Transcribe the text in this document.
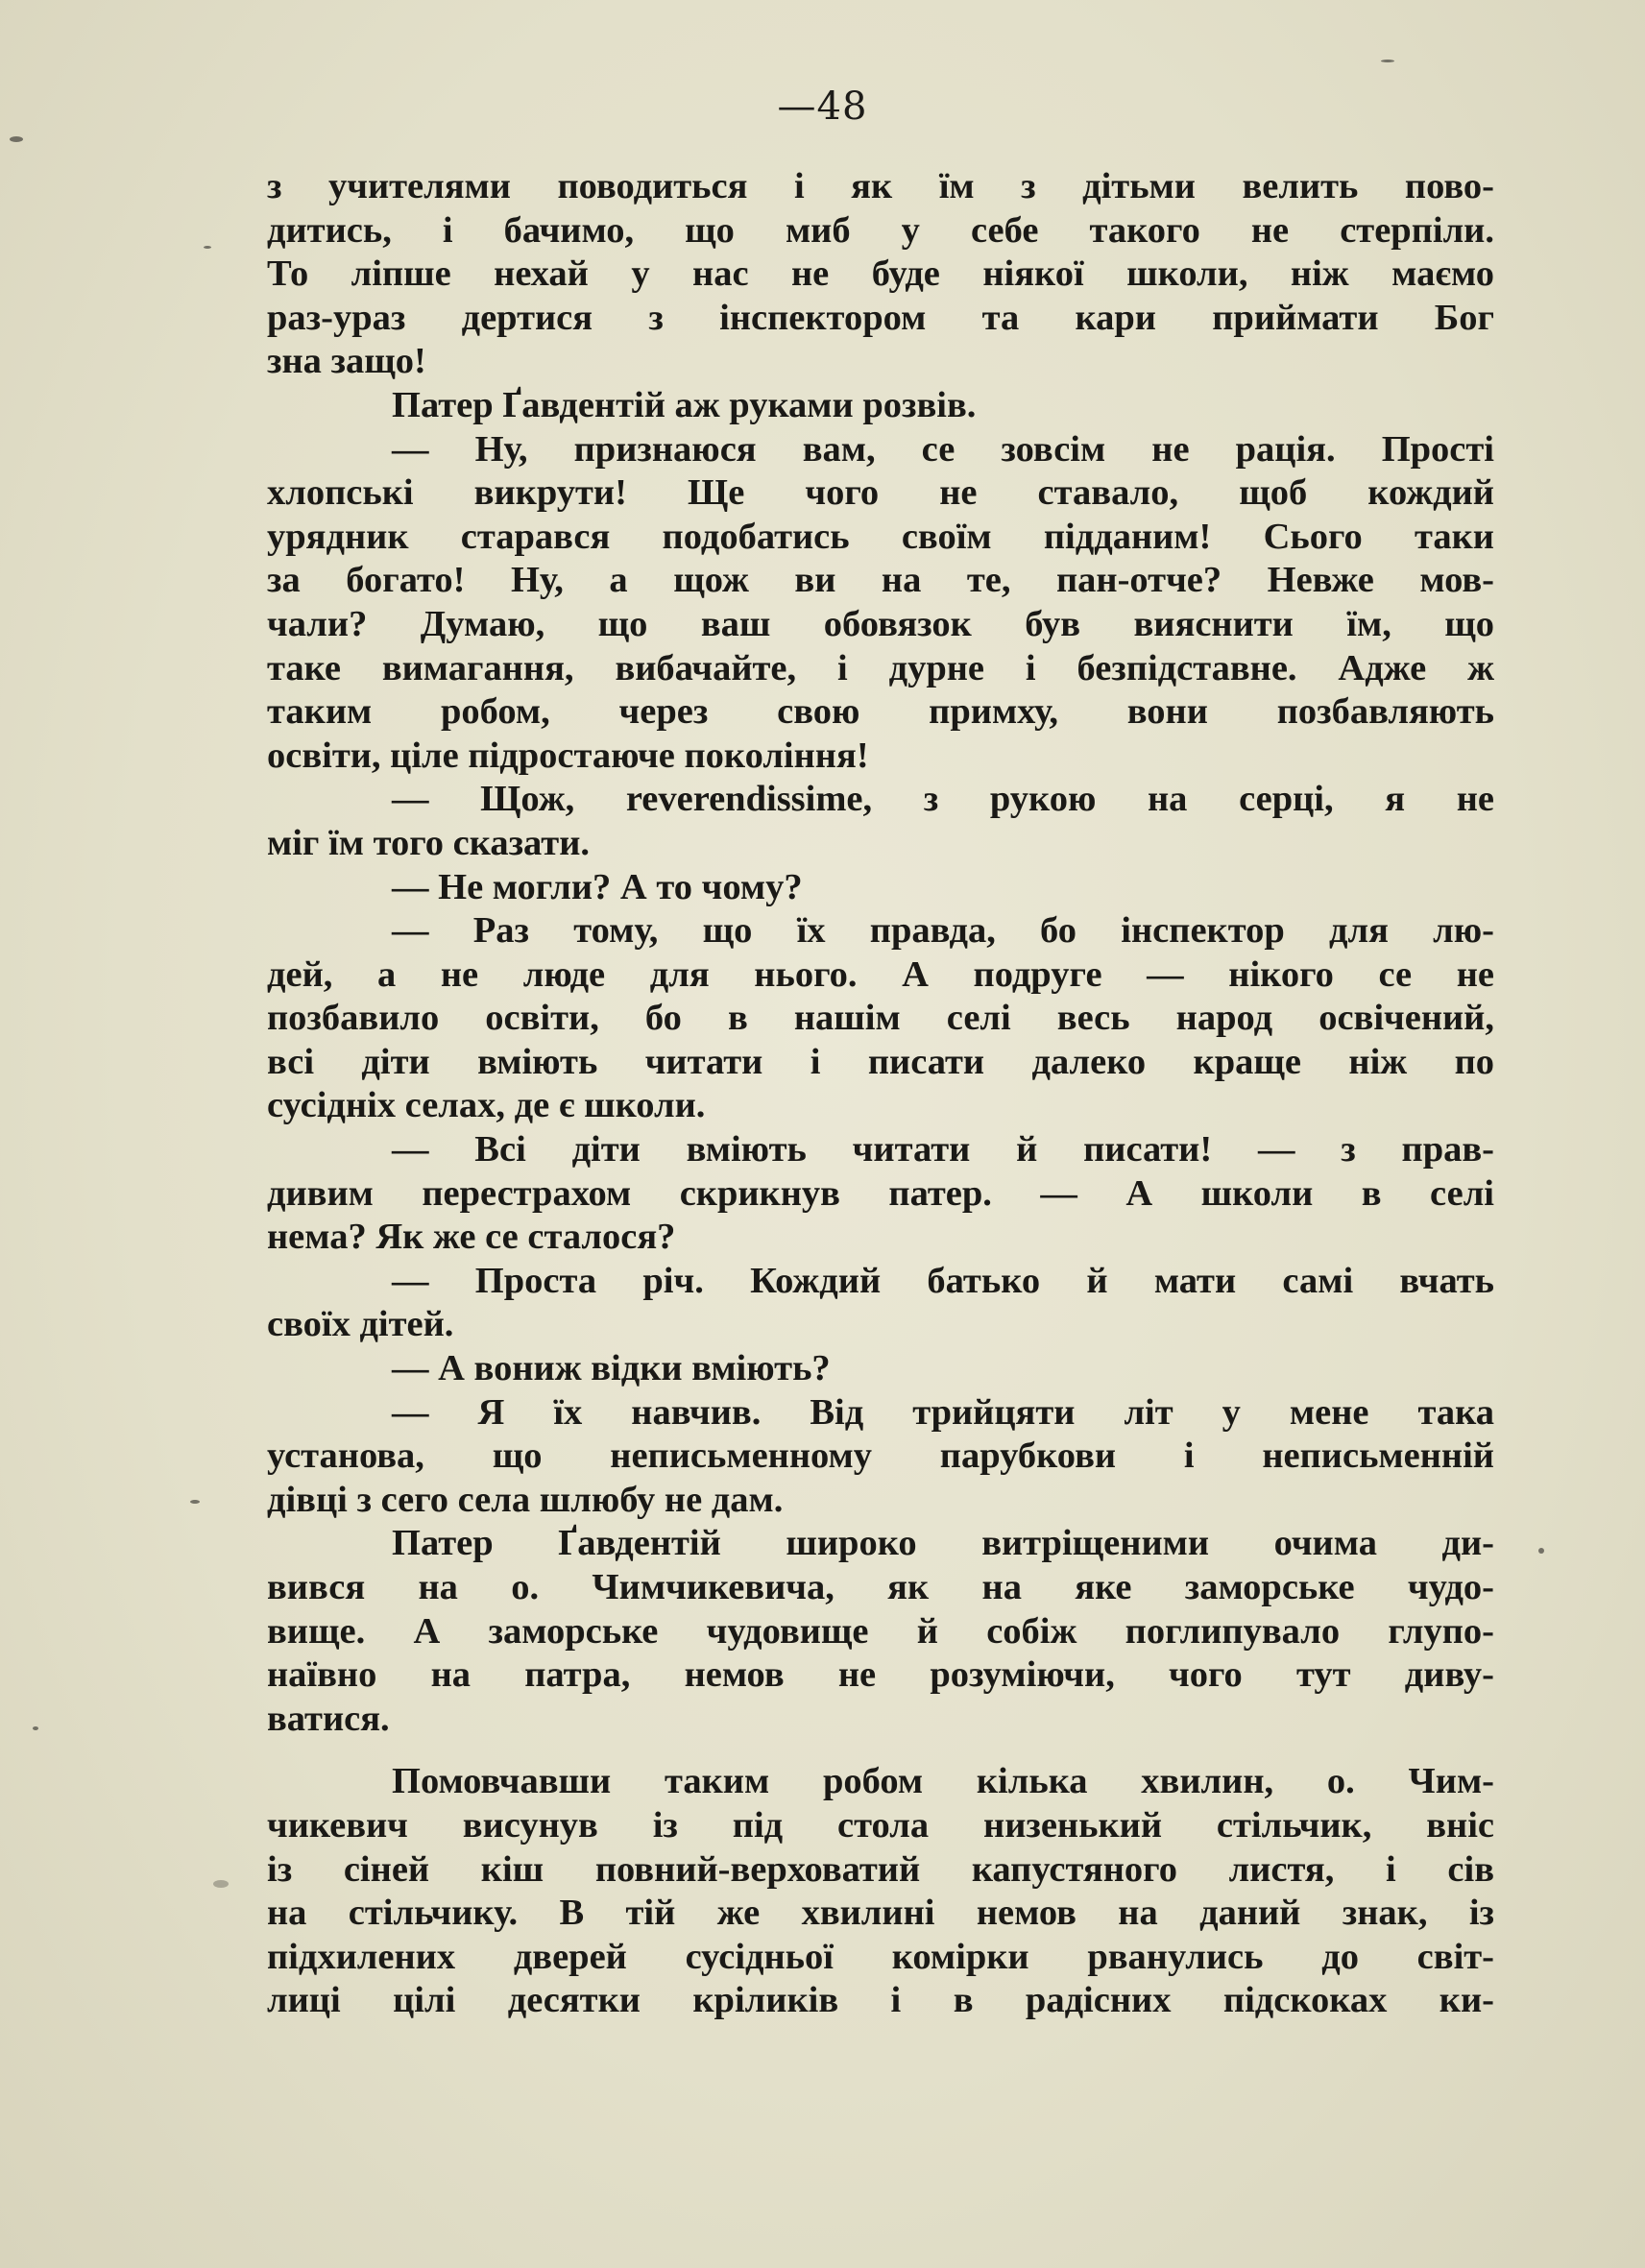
—48
з учителями поводиться і як їм з дітьми велить пово-
дитись, і бачимо, що миб у себе такого не стерпіли.
То ліпше нехай у нас не буде ніякої школи, ніж маємо
раз-ураз дертися з інспектором та кари приймати Бог
зна защо!
Патер Ґавдентій аж руками розвів.
— Ну, признаюся вам, се зовсім не рація. Прості
хлопські викрути! Ще чого не ставало, щоб кождий
урядник старався подобатись своїм підданим! Сього таки
за богато! Ну, а щож ви на те, пан-отче? Невже мов-
чали? Думаю, що ваш обовязок був вияснити їм, що
таке вимагання, вибачайте, і дурне і безпідставне. Адже ж
таким робом, через свою примху, вони позбавляють
освіти, ціле підростаюче покоління!
— Щож, reverendissime, з рукою на серці, я не
міг їм того сказати.
— Не могли? А то чому?
— Раз тому, що їх правда, бо інспектор для лю-
дей, а не люде для нього. А подруге — нікого се не
позбавило освіти, бо в нашім селі весь народ освічений,
всі діти вміють читати і писати далеко краще ніж по
сусідніх селах, де є школи.
— Всі діти вміють читати й писати! — з прав-
дивим перестрахом скрикнув патер. — А школи в селі
нема? Як же се сталося?
— Проста річ. Кождий батько й мати самі вчать
своїх дітей.
— А вониж відки вміють?
— Я їх навчив. Від трийцяти літ у мене така
установа, що неписьменному парубкови і неписьменній
дівці з сего села шлюбу не дам.
Патер Ґавдентій широко витріщеними очима ди-
вився на о. Чимчикевича, як на яке заморське чудо-
вище. А заморське чудовище й собіж поглипувало глупо-
наївно на патра, немов не розуміючи, чого тут диву-
ватися.
Помовчавши таким робом кілька хвилин, о. Чим-
чикевич висунув із під стола низенький стільчик, вніс
із сіней кіш повний-верховатий капустяного листя, і сів
на стільчику. В тій же хвилині немов на даний знак, із
підхилених дверей сусідньої комірки рванулись до світ-
лиці цілі десятки кріликів і в радісних підскоках ки-
